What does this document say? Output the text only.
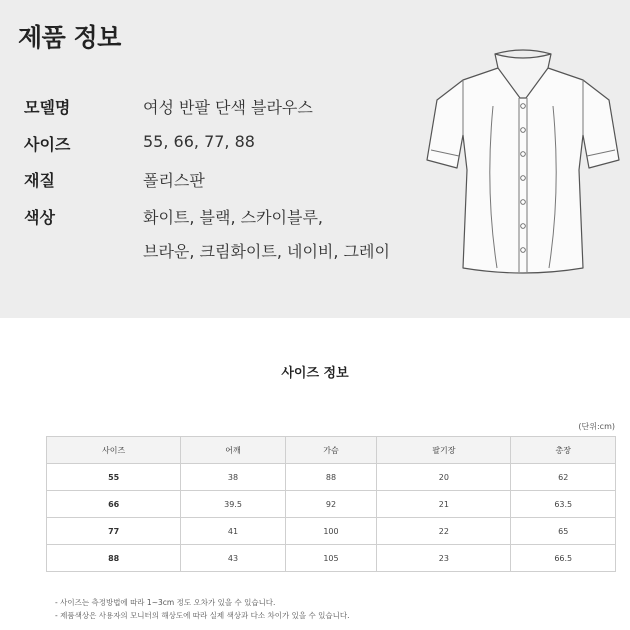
제품 정보
모델명	여성 반팔 단색 블라우스
사이즈	55, 66, 77, 88
재질	폴리스판
색상	화이트, 블랙, 스카이블루,
브라운, 크림화이트, 네이비, 그레이
사이즈 정보
(단위:cm)
사이즈	어깨	가슴	팔기장	총장
55	38	88	20	62
66	39.5	92	21	63.5
77	41	100	22	65
88	43	105	23	66.5
- 사이즈는 측정방법에 따라 1~3cm 정도 오차가 있을 수 있습니다.
- 제품색상은 사용자의 모니터의 해상도에 따라 실제 색상과 다소 차이가 있을 수 있습니다.
